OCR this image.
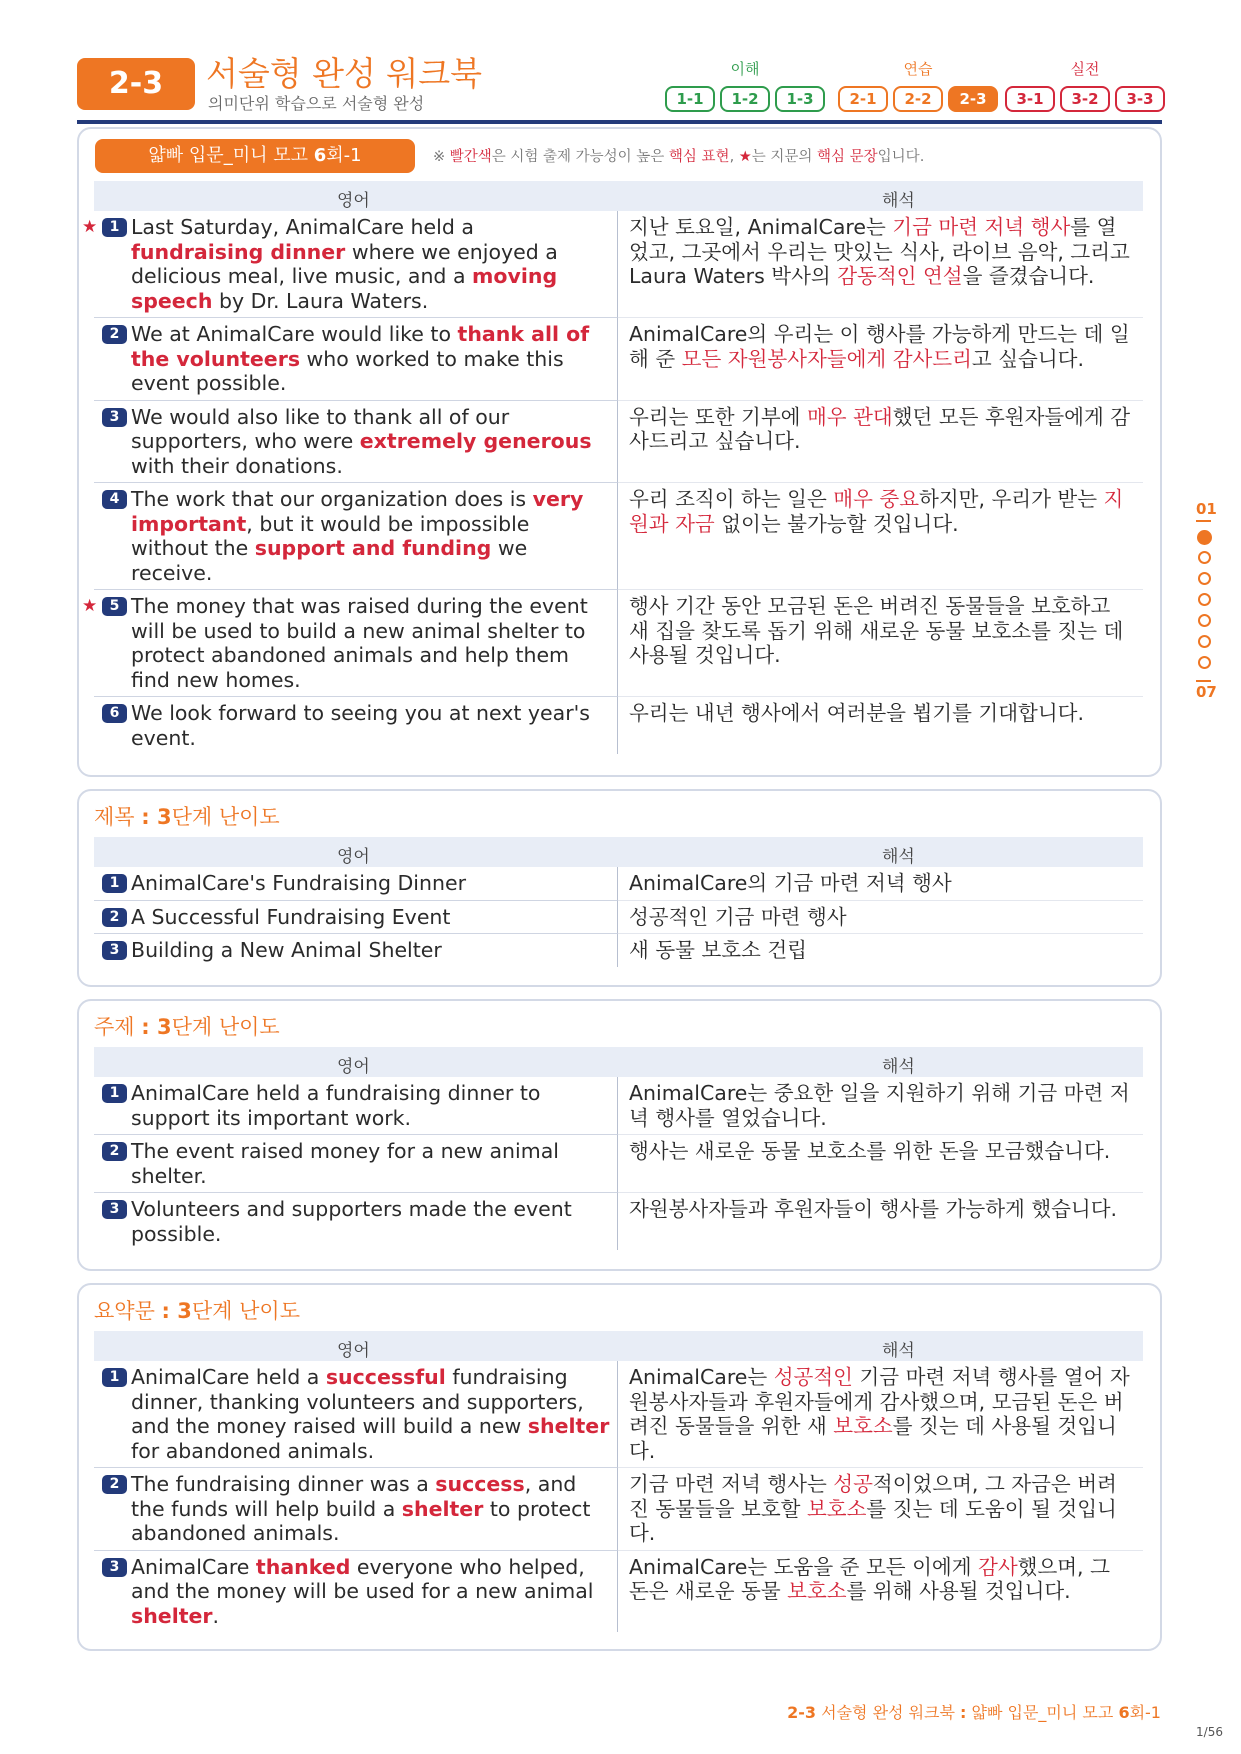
2-3	서술형 완성 워크북
의미단위 학습으로 서술형 완성
이해	연습	실전
1-1	1-2	1-3	2-1	2-2	2-3	3-1	3-2	3-3
얇빠 입문_미니 모고 6회-1	※ 빨간색은 시험 출제 가능성이 높은 핵심 표현, ★는 지문의 핵심 문장입니다.
영어	해석
★ 1 Last Saturday, AnimalCare held a fundraising dinner where we enjoyed a delicious meal, live music, and a moving speech by Dr. Laura Waters.
지난 토요일, AnimalCare는 기금 마련 저녁 행사를 열었고, 그곳에서 우리는 맛있는 식사, 라이브 음악, 그리고 Laura Waters 박사의 감동적인 연설을 즐겼습니다.
2 We at AnimalCare would like to thank all of the volunteers who worked to make this event possible.
AnimalCare의 우리는 이 행사를 가능하게 만드는 데 일해 준 모든 자원봉사자들에게 감사드리고 싶습니다.
3 We would also like to thank all of our supporters, who were extremely generous with their donations.
우리는 또한 기부에 매우 관대했던 모든 후원자들에게 감사드리고 싶습니다.
4 The work that our organization does is very important, but it would be impossible without the support and funding we receive.
우리 조직이 하는 일은 매우 중요하지만, 우리가 받는 지원과 자금 없이는 불가능할 것입니다.
★ 5 The money that was raised during the event will be used to build a new animal shelter to protect abandoned animals and help them find new homes.
행사 기간 동안 모금된 돈은 버려진 동물들을 보호하고 새 집을 찾도록 돕기 위해 새로운 동물 보호소를 짓는 데 사용될 것입니다.
6 We look forward to seeing you at next year's event.
우리는 내년 행사에서 여러분을 뵙기를 기대합니다.
제목 : 3단계 난이도
영어	해석
1 AnimalCare's Fundraising Dinner	AnimalCare의 기금 마련 저녁 행사
2 A Successful Fundraising Event	성공적인 기금 마련 행사
3 Building a New Animal Shelter	새 동물 보호소 건립
주제 : 3단계 난이도
영어	해석
1 AnimalCare held a fundraising dinner to support its important work.
AnimalCare는 중요한 일을 지원하기 위해 기금 마련 저녁 행사를 열었습니다.
2 The event raised money for a new animal shelter.
행사는 새로운 동물 보호소를 위한 돈을 모금했습니다.
3 Volunteers and supporters made the event possible.
자원봉사자들과 후원자들이 행사를 가능하게 했습니다.
요약문 : 3단계 난이도
영어	해석
1 AnimalCare held a successful fundraising dinner, thanking volunteers and supporters, and the money raised will build a new shelter for abandoned animals.
AnimalCare는 성공적인 기금 마련 저녁 행사를 열어 자원봉사자들과 후원자들에게 감사했으며, 모금된 돈은 버려진 동물들을 위한 새 보호소를 짓는 데 사용될 것입니다.
2 The fundraising dinner was a success, and the funds will help build a shelter to protect abandoned animals.
기금 마련 저녁 행사는 성공적이었으며, 그 자금은 버려진 동물들을 보호할 보호소를 짓는 데 도움이 될 것입니다.
3 AnimalCare thanked everyone who helped, and the money will be used for a new animal shelter.
AnimalCare는 도움을 준 모든 이에게 감사했으며, 그 돈은 새로운 동물 보호소를 위해 사용될 것입니다.
01
07
2-3 서술형 완성 워크북 : 얇빠 입문_미니 모고 6회-1
1/56
